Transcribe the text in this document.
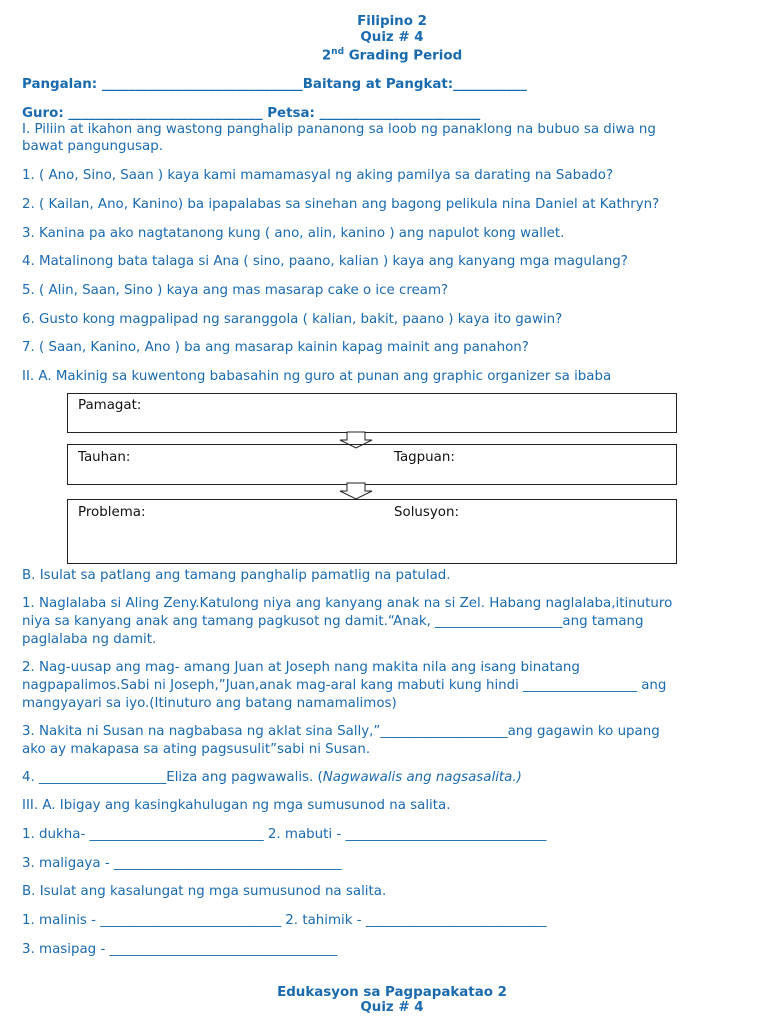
Filipino 2
Quiz # 4
2nd Grading Period
Pangalan: ______________________________Baitang at Pangkat:___________
Guro: _____________________________ Petsa: ________________________
I. Piliin at ikahon ang wastong panghalip pananong sa loob ng panaklong na bubuo sa diwa ng
bawat pangungusap.
1. ( Ano, Sino, Saan ) kaya kami mamamasyal ng aking pamilya sa darating na Sabado?
2. ( Kailan, Ano, Kanino) ba ipapalabas sa sinehan ang bagong pelikula nina Daniel at Kathryn?
3. Kanina pa ako nagtatanong kung ( ano, alin, kanino ) ang napulot kong wallet.
4. Matalinong bata talaga si Ana ( sino, paano, kalian ) kaya ang kanyang mga magulang?
5. ( Alin, Saan, Sino ) kaya ang mas masarap cake o ice cream?
6. Gusto kong magpalipad ng saranggola ( kalian, bakit, paano ) kaya ito gawin?
7. ( Saan, Kanino, Ano ) ba ang masarap kainin kapag mainit ang panahon?
II. A. Makinig sa kuwentong babasahin ng guro at punan ang graphic organizer sa ibaba
Pamagat:
Tauhan:	Tagpuan:
Problema:	Solusyon:
B. Isulat sa patlang ang tamang panghalip pamatlig na patulad.
1. Naglalaba si Aling Zeny.Katulong niya ang kanyang anak na si Zel. Habang naglalaba,itinuturo
niya sa kanyang anak ang tamang pagkusot ng damit.“Anak, ___________________ang tamang
paglalaba ng damit.
2. Nag-uusap ang mag- amang Juan at Joseph nang makita nila ang isang binatang
nagpapalimos.Sabi ni Joseph,”Juan,anak mag-aral kang mabuti kung hindi _________________ ang
mangyayari sa iyo.(Itinuturo ang batang namamalimos)
3. Nakita ni Susan na nagbabasa ng aklat sina Sally,”___________________ang gagawin ko upang
ako ay makapasa sa ating pagsusulit”sabi ni Susan.
4. ___________________Eliza ang pagwawalis. (Nagwawalis ang nagsasalita.)
III. A. Ibigay ang kasingkahulugan ng mga sumusunod na salita.
1. dukha- __________________________ 2. mabuti - ______________________________
3. maligaya - __________________________________
B. Isulat ang kasalungat ng mga sumusunod na salita.
1. malinis - ___________________________ 2. tahimik - ___________________________
3. masipag - __________________________________
Edukasyon sa Pagpapakatao 2
Quiz # 4
